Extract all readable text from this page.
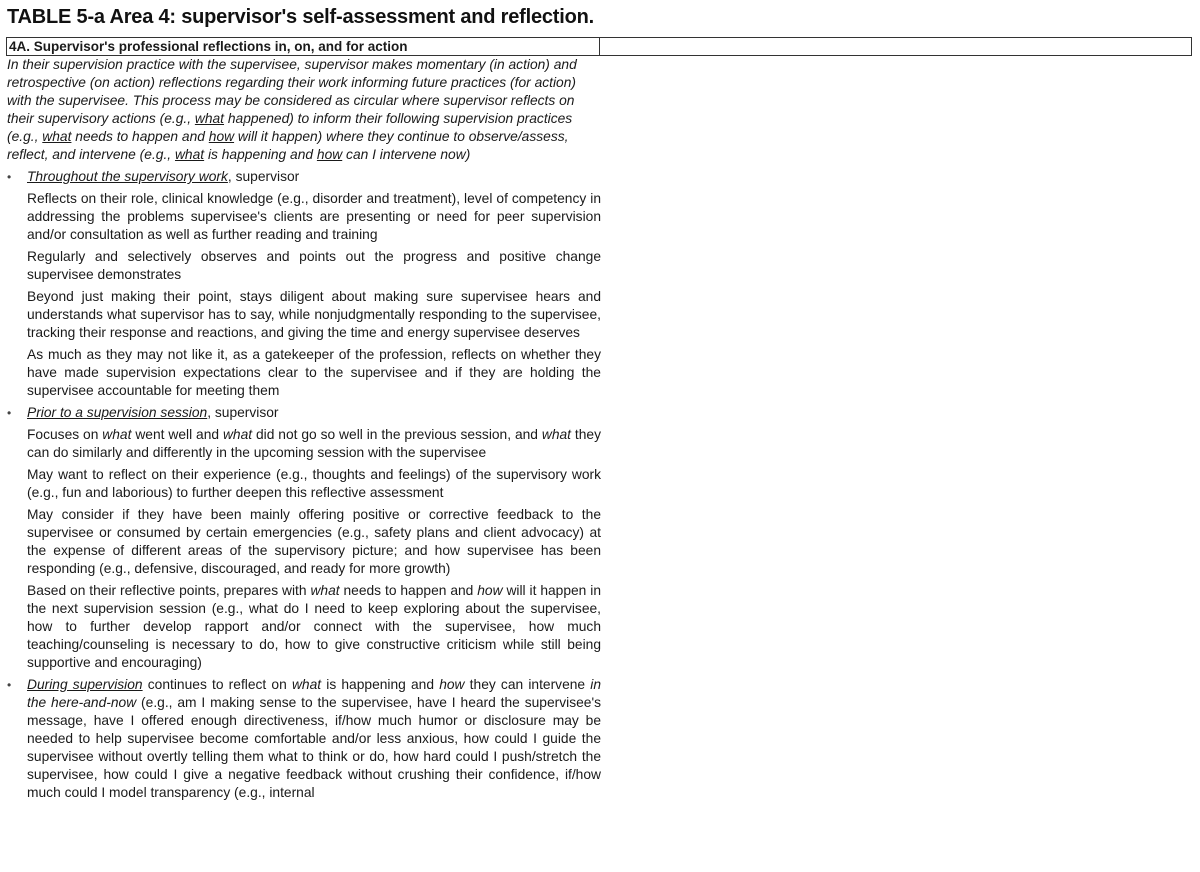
TABLE 5-a Area 4: supervisor's self-assessment and reflection.
4A. Supervisor's professional reflections in, on, and for action

In their supervision practice with the supervisee, supervisor makes momentary (in action) and retrospective (on action) reflections regarding their work informing future practices (for action) with the supervisee. This process may be considered as circular where supervisor reflects on their supervisory actions (e.g., what happened) to inform their following supervision practices (e.g., what needs to happen and how will it happen) where they continue to observe/assess, reflect, and intervene (e.g., what is happening and how can I intervene now)

• Throughout the supervisory work, supervisor

Reflects on their role, clinical knowledge (e.g., disorder and treatment), level of competency in addressing the problems supervisee's clients are presenting or need for peer supervision and/or consultation as well as further reading and training

Regularly and selectively observes and points out the progress and positive change supervisee demonstrates

Beyond just making their point, stays diligent about making sure supervisee hears and understands what supervisor has to say, while nonjudgmentally responding to the supervisee, tracking their response and reactions, and giving the time and energy supervisee deserves

As much as they may not like it, as a gatekeeper of the profession, reflects on whether they have made supervision expectations clear to the supervisee and if they are holding the supervisee accountable for meeting them

• Prior to a supervision session, supervisor

Focuses on what went well and what did not go so well in the previous session, and what they can do similarly and differently in the upcoming session with the supervisee

May want to reflect on their experience (e.g., thoughts and feelings) of the supervisory work (e.g., fun and laborious) to further deepen this reflective assessment

May consider if they have been mainly offering positive or corrective feedback to the supervisee or consumed by certain emergencies (e.g., safety plans and client advocacy) at the expense of different areas of the supervisory picture; and how supervisee has been responding (e.g., defensive, discouraged, and ready for more growth)

Based on their reflective points, prepares with what needs to happen and how will it happen in the next supervision session (e.g., what do I need to keep exploring about the supervisee, how to further develop rapport and/or connect with the supervisee, how much teaching/counseling is necessary to do, how to give constructive criticism while still being supportive and encouraging)

• During supervision continues to reflect on what is happening and how they can intervene in the here-and-now (e.g., am I making sense to the supervisee, have I heard the supervisee's message, have I offered enough directiveness, if/how much humor or disclosure may be needed to help supervisee become comfortable and/or less anxious, how could I guide the supervisee without overtly telling them what to think or do, how hard could I push/stretch the supervisee, how could I give a negative feedback without crushing their confidence, if/how much could I model transparency (e.g., internal
